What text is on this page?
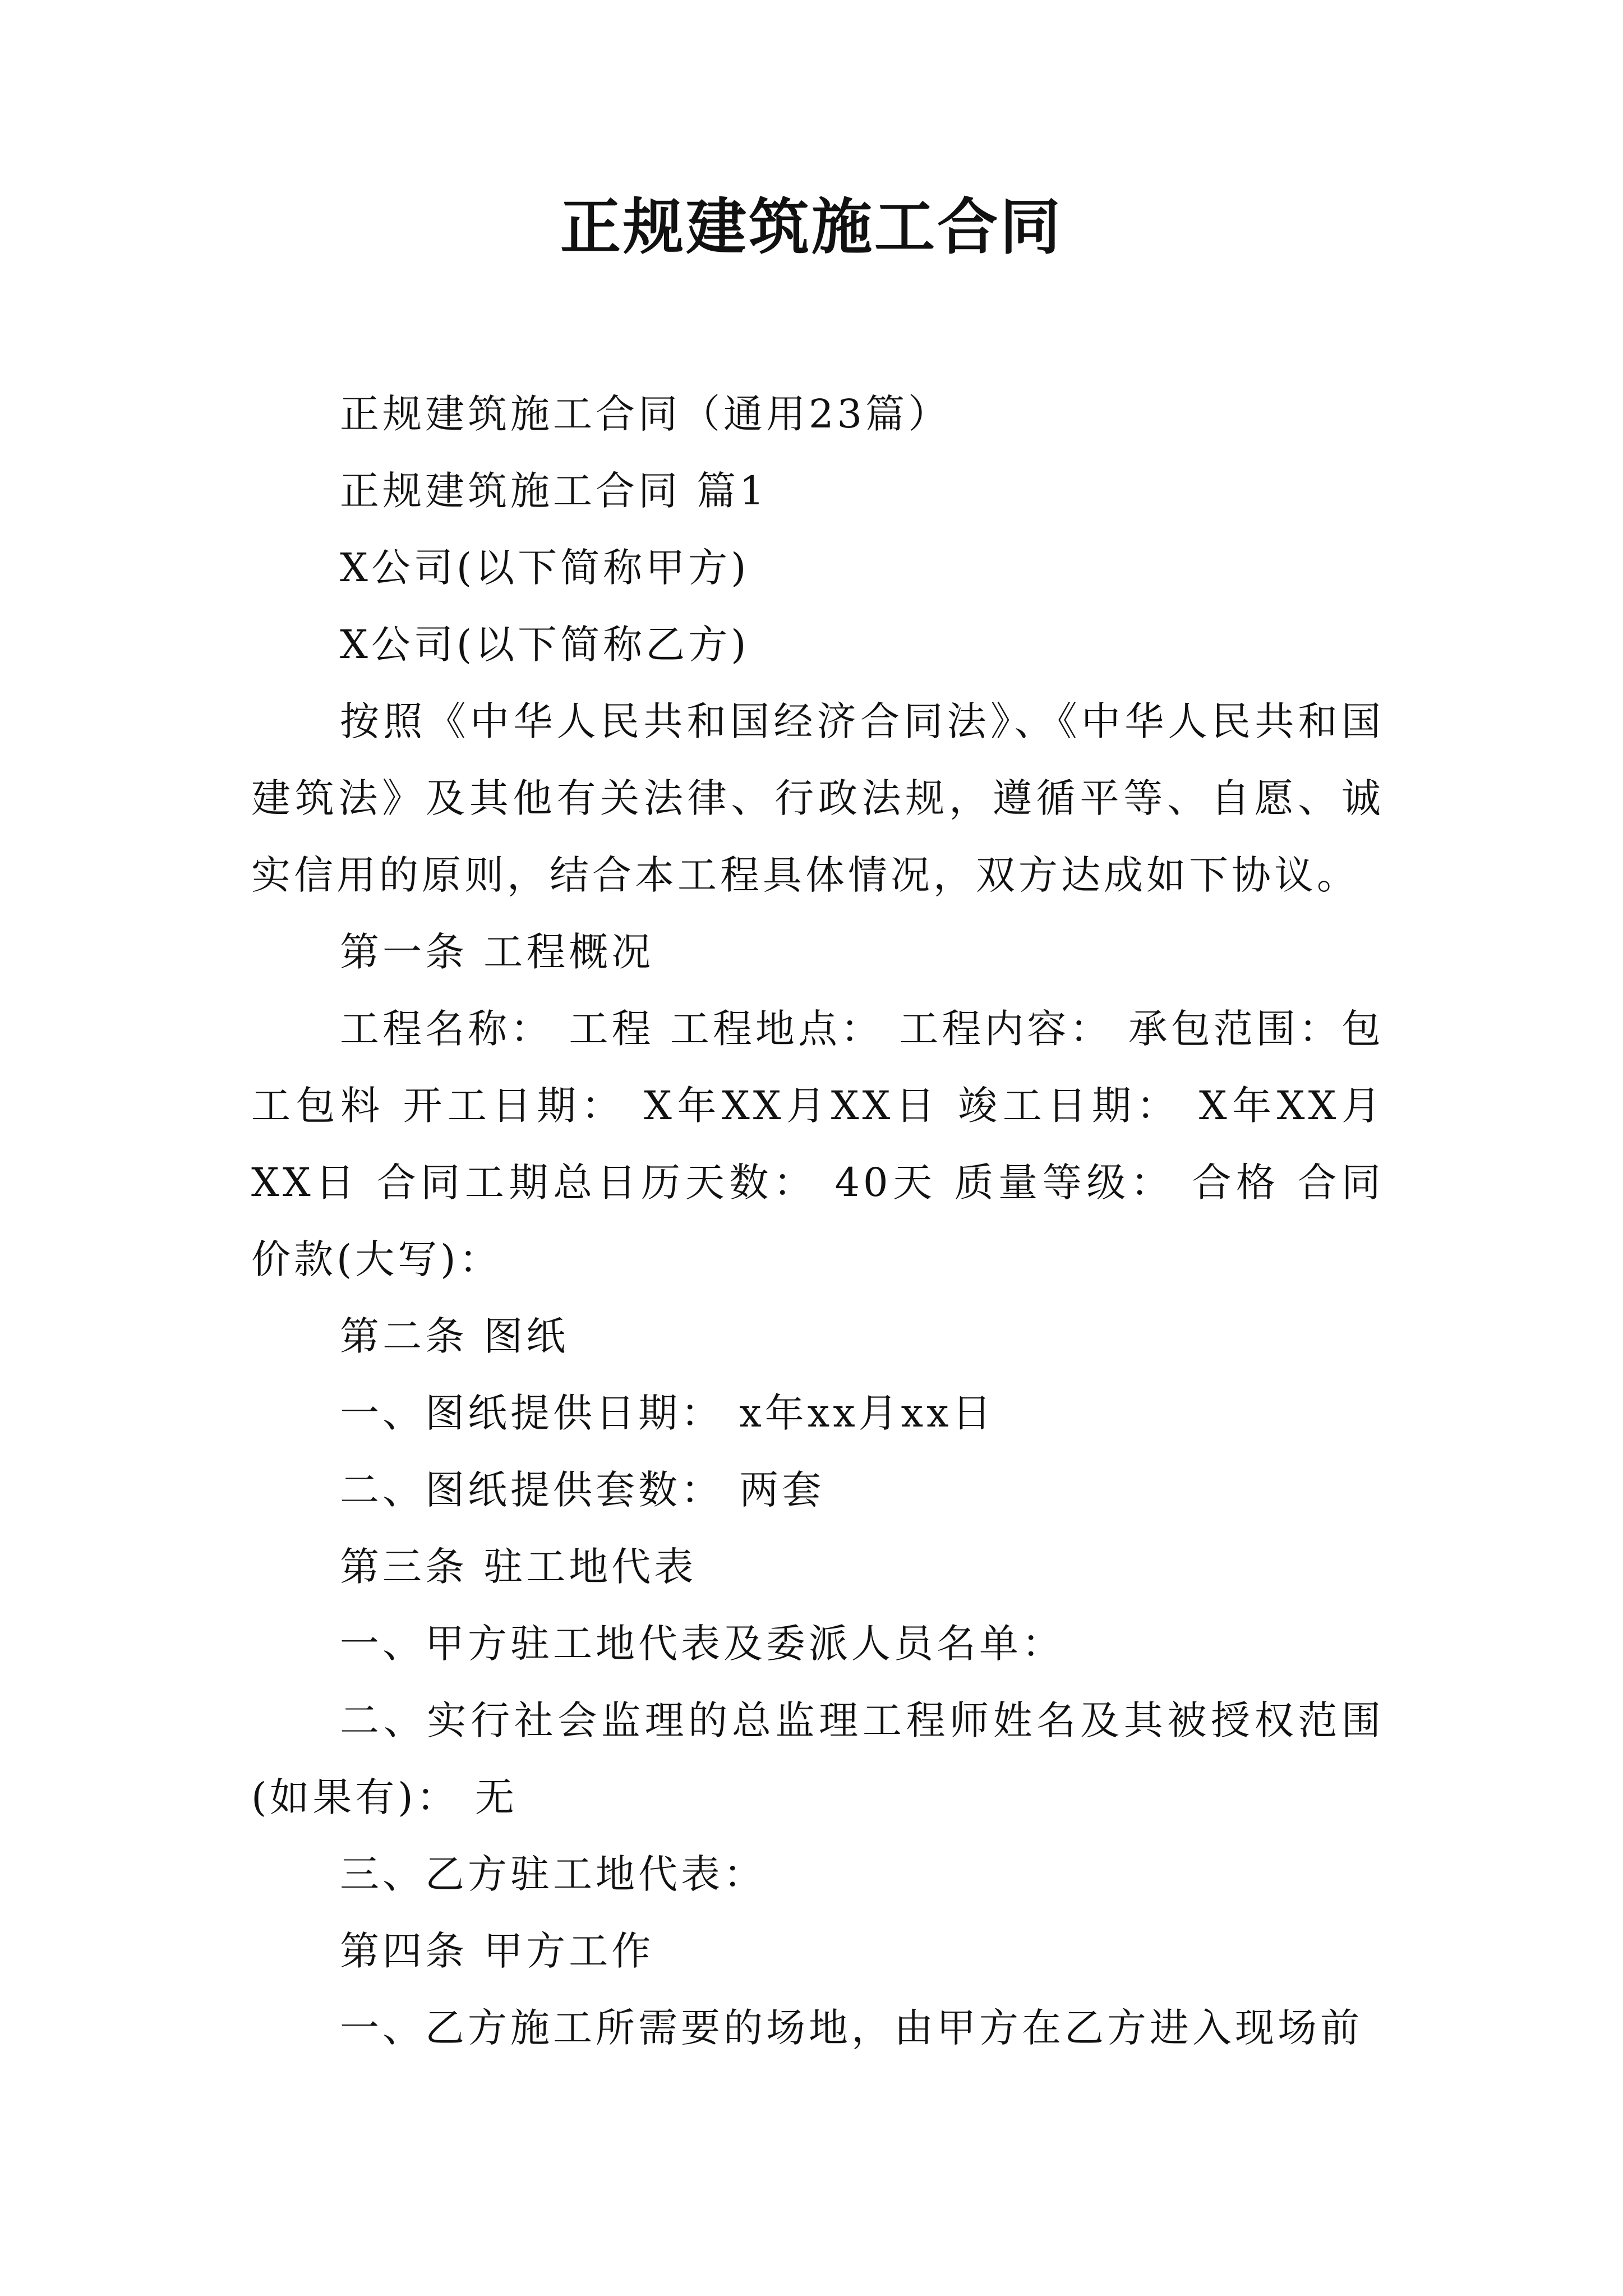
正规建筑施工合同

正规建筑施工合同（通用23篇）

正规建筑施工合同 篇1

X公司(以下简称甲方)

X公司(以下简称乙方)

按照《中华人民共和国经济合同法》、《中华人民共和国建筑法》及其他有关法律、行政法规，遵循平等、自愿、诚实信用的原则，结合本工程具体情况，双方达成如下协议。

第一条 工程概况

工程名称： 工程 工程地点： 工程内容： 承包范围：包工包料 开工日期： X年XX月XX日 竣工日期： X年XX月XX日 合同工期总日历天数： 40天 质量等级： 合格 合同价款(大写)：

第二条 图纸

一、图纸提供日期： x年xx月xx日

二、图纸提供套数： 两套

第三条 驻工地代表

一、甲方驻工地代表及委派人员名单：

二、实行社会监理的总监理工程师姓名及其被授权范围(如果有)： 无

三、乙方驻工地代表：

第四条 甲方工作

一、乙方施工所需要的场地，由甲方在乙方进入现场前
